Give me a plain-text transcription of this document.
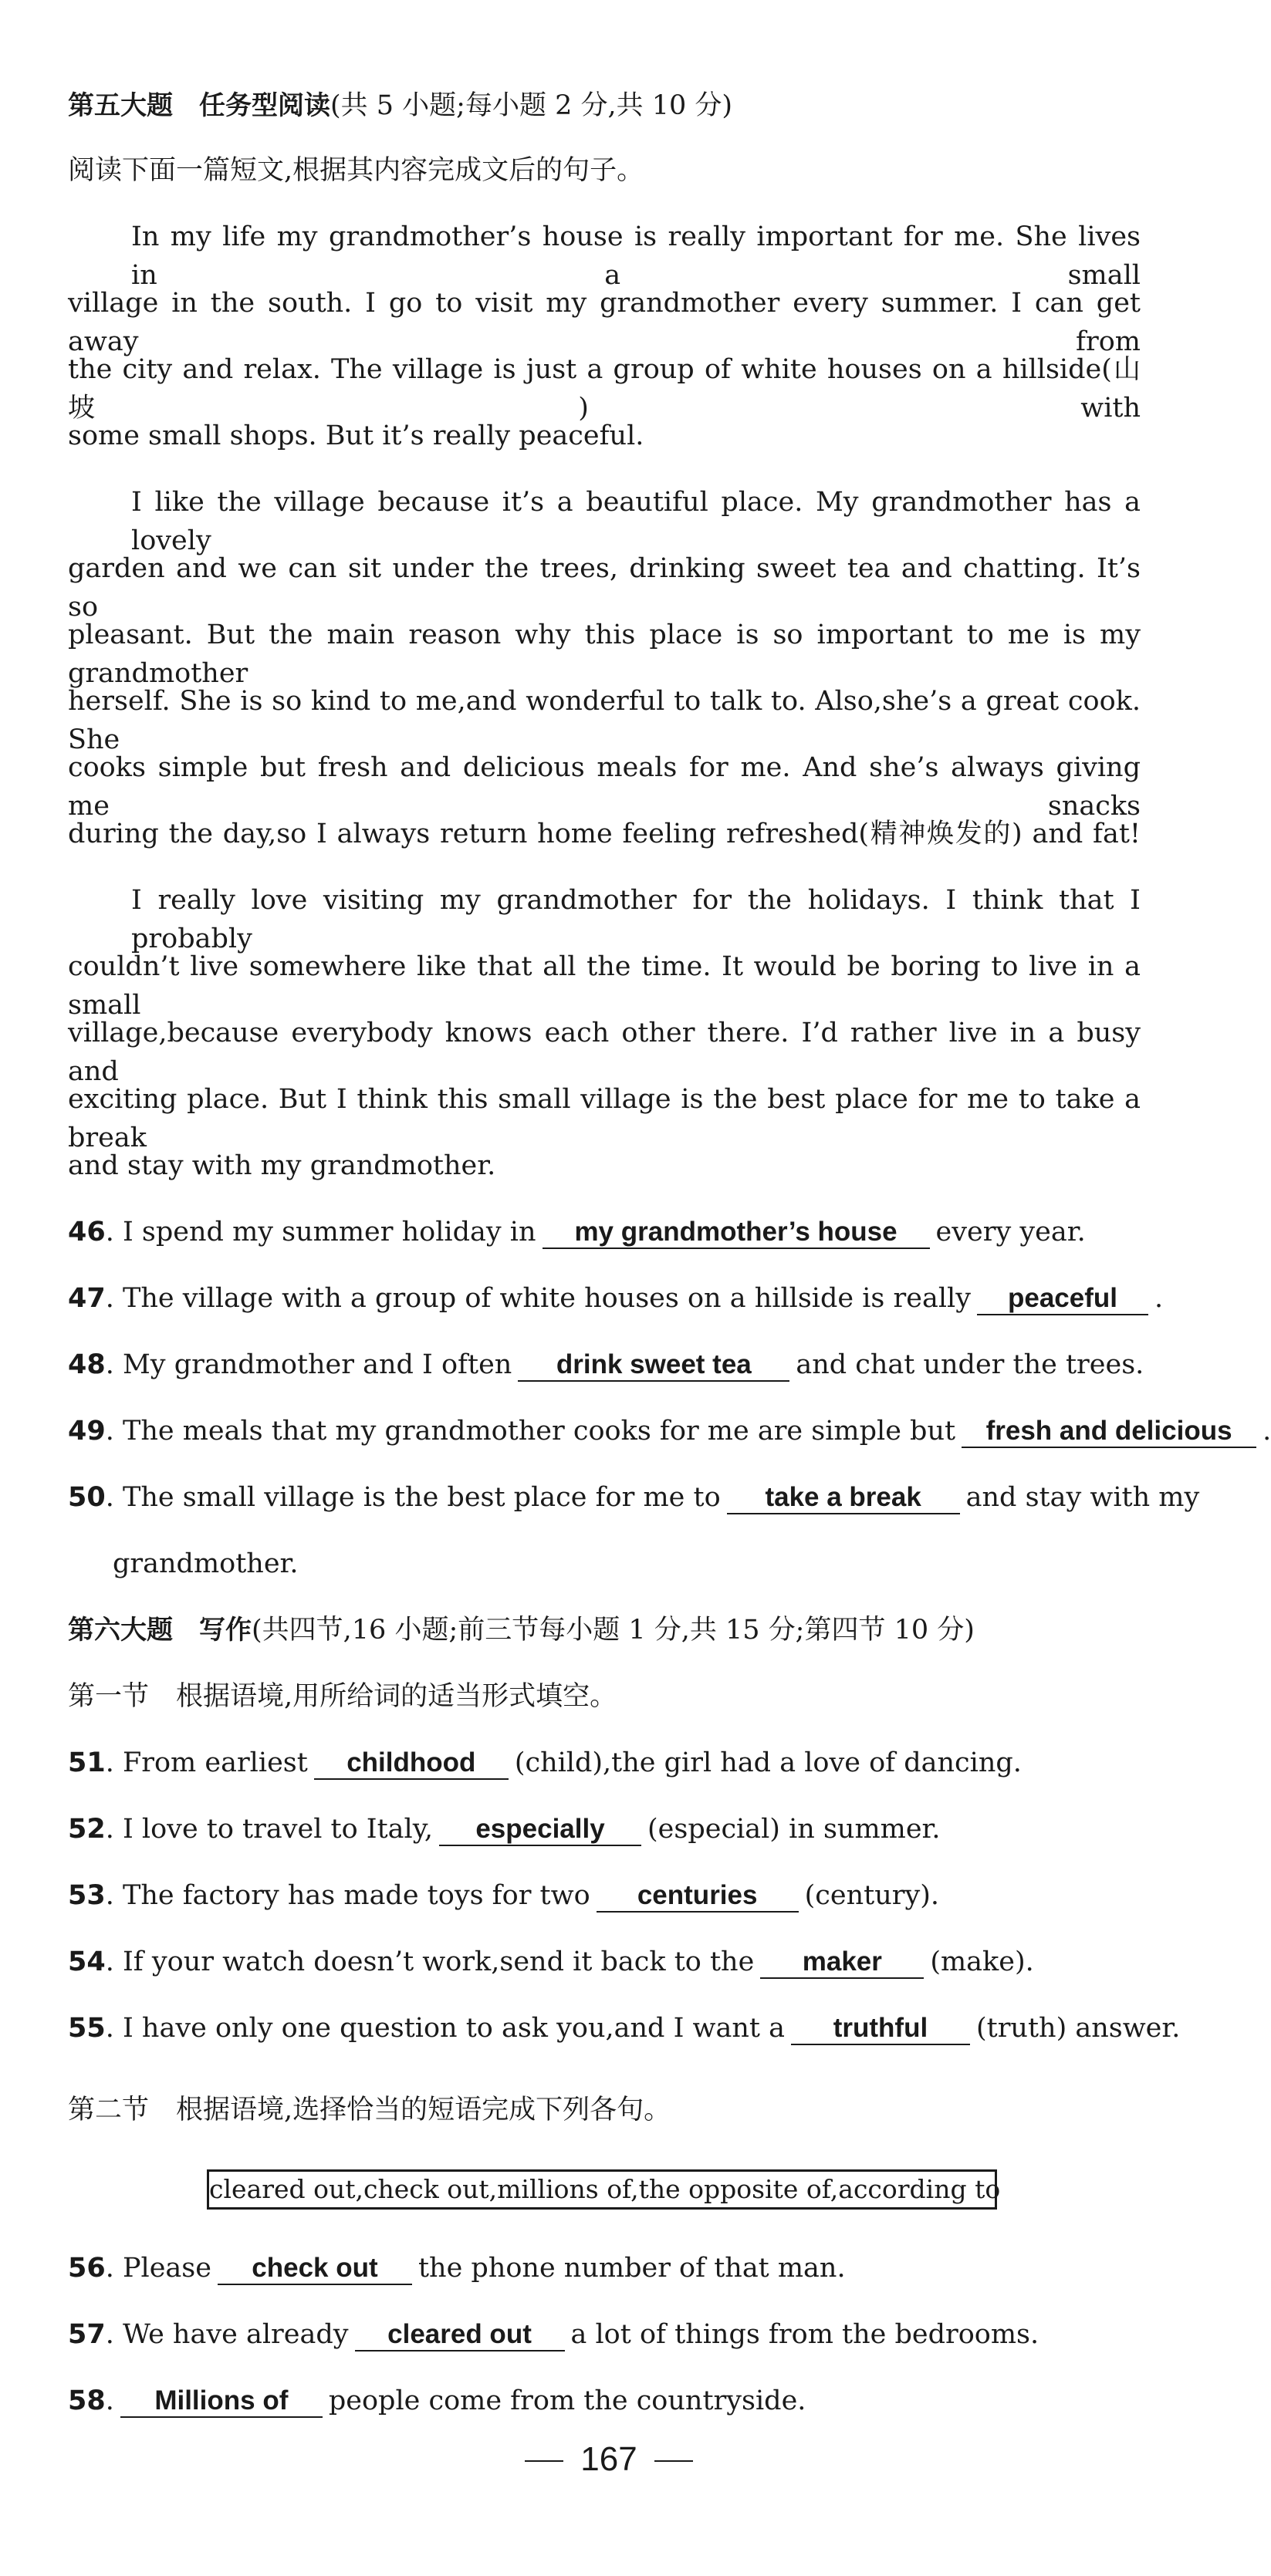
第五大题　任务型阅读(共 5 小题;每小题 2 分,共 10 分)
阅读下面一篇短文,根据其内容完成文后的句子。
In my life my grandmother’s house is really important for me. She lives in a small
village in the south. I go to visit my grandmother every summer. I can get away from
the city and relax. The village is just a group of white houses on a hillside(山坡) with
some small shops. But it’s really peaceful.
I like the village because it’s a beautiful place. My grandmother has a lovely
garden and we can sit under the trees, drinking sweet tea and chatting. It’s so
pleasant. But the main reason why this place is so important to me is my grandmother
herself. She is so kind to me,and wonderful to talk to. Also,she’s a great cook. She
cooks simple but fresh and delicious meals for me. And she’s always giving me snacks
during the day,so I always return home feeling refreshed(精神焕发的) and fat!
I really love visiting my grandmother for the holidays. I think that I probably
couldn’t live somewhere like that all the time. It would be boring to live in a small
village,because everybody knows each other there. I’d rather live in a busy and
exciting place. But I think this small village is the best place for me to take a break
and stay with my grandmother.
46. I spend my summer holiday in my grandmother’s house every year.
47. The village with a group of white houses on a hillside is really peaceful .
48. My grandmother and I often drink sweet tea and chat under the trees.
49. The meals that my grandmother cooks for me are simple but fresh and delicious .
50. The small village is the best place for me to take a break and stay with my
grandmother.
第六大题　写作(共四节,16 小题;前三节每小题 1 分,共 15 分;第四节 10 分)
第一节　根据语境,用所给词的适当形式填空。
51. From earliest childhood (child),the girl had a love of dancing.
52. I love to travel to Italy, especially (especial) in summer.
53. The factory has made toys for two centuries (century).
54. If your watch doesn’t work,send it back to the maker (make).
55. I have only one question to ask you,and I want a truthful (truth) answer.
第二节　根据语境,选择恰当的短语完成下列各句。
cleared out,check out,millions of,the opposite of,according to
56. Please check out the phone number of that man.
57. We have already cleared out a lot of things from the bedrooms.
58. Millions of people come from the countryside.
167
